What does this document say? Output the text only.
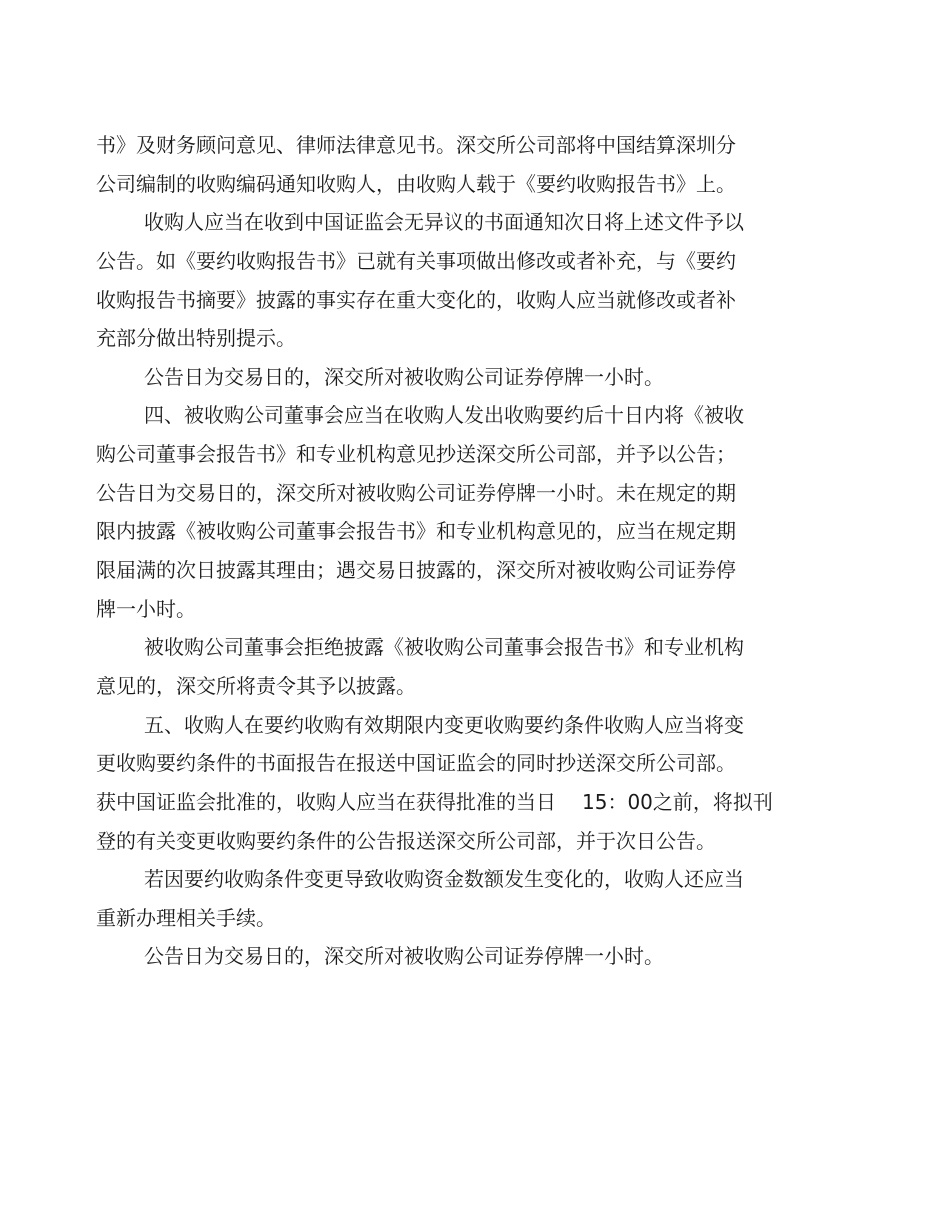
书》及财务顾问意见、律师法律意见书。深交所公司部将中国结算深圳分
公司编制的收购编码通知收购人，由收购人载于《要约收购报告书》上。
收购人应当在收到中国证监会无异议的书面通知次日将上述文件予以
公告。如《要约收购报告书》已就有关事项做出修改或者补充，与《要约
收购报告书摘要》披露的事实存在重大变化的，收购人应当就修改或者补
充部分做出特别提示。
公告日为交易日的，深交所对被收购公司证券停牌一小时。
四、被收购公司董事会应当在收购人发出收购要约后十日内将《被收
购公司董事会报告书》和专业机构意见抄送深交所公司部，并予以公告；
公告日为交易日的，深交所对被收购公司证券停牌一小时。未在规定的期
限内披露《被收购公司董事会报告书》和专业机构意见的，应当在规定期
限届满的次日披露其理由；遇交易日披露的，深交所对被收购公司证券停
牌一小时。
被收购公司董事会拒绝披露《被收购公司董事会报告书》和专业机构
意见的，深交所将责令其予以披露。
五、收购人在要约收购有效期限内变更收购要约条件收购人应当将变
更收购要约条件的书面报告在报送中国证监会的同时抄送深交所公司部。
获中国证监会批准的，收购人应当在获得批准的当日 15：00之前，将拟刊
登的有关变更收购要约条件的公告报送深交所公司部，并于次日公告。
若因要约收购条件变更导致收购资金数额发生变化的，收购人还应当
重新办理相关手续。
公告日为交易日的，深交所对被收购公司证券停牌一小时。
